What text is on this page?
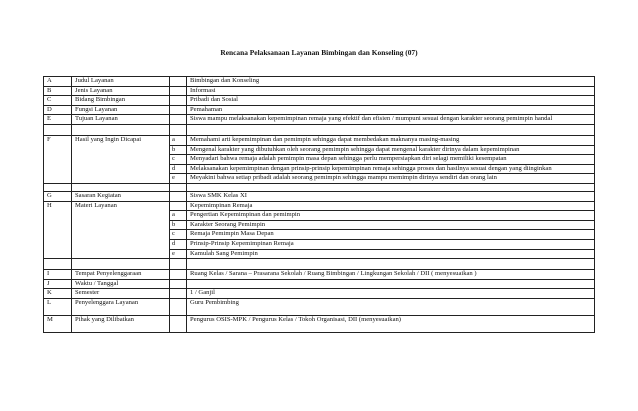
Rencana Pelaksanaan Layanan Bimbingan dan Konseling (07)
A	Judul Layanan		Bimbingan dan Konseling
B	Jenis Layanan		Informasi
C	Bidang Bimbingan		Pribadi dan Sosial
D	Fungsi Layanan		Pemahaman
E	Tujuan Layanan		Siswa mampu melaksanakan kepemimpinan remaja yang efektif dan efisien / mumpuni sesuai dengan karakter seorang pemimpin handal

F	Hasil yang Ingin Dicapai	a	Memahami arti kepemimpinan dan pemimpin sehingga dapat membedakan maknanya masing-masing
		b	Mengenal karakter yang dibutuhkan oleh seorang pemimpin sehingga dapat mengenal karakter dirinya dalam kepemimpinan
		c	Menyadari bahwa remaja adalah pemimpin masa depan sehingga perlu mempersiapkan diri selagi memiliki kesempatan
		d	Melaksanakan kepemimpinan dengan prinsip-prinsip kepemimpinan remaja sehingga proses dan hasilnya sesuai dengan yang diinginkan
		e	Meyakini bahwa setiap pribadi adalah seorang pemimpin sehingga mampu memimpin dirinya sendiri dan orang lain

G	Sasaran Kegiatan		Siswa SMK Kelas XI
H	Materi Layanan		Kepemimpinan Remaja
		a	Pengertian Kepemimpinan dan pemimpin
		b	Karakter Seorang Pemimpin
		c	Remaja Pemimpin Masa Depan
		d	Prinsip-Prinsip Kepemimpinan Remaja
		e	Kamulah Sang Pemimpin

I	Tempat Penyelenggaraan		Ruang Kelas / Sarana – Prasarana Sekolah / Ruang Bimbingan / Lingkungan Sekolah / DII ( menyesuaikan )
J	Waktu / Tanggal		
K	Semester		1 / Ganjil
L	Penyelenggara Layanan		Guru Pembimbing
M	Pihak yang Dilibatkan		Pengurus OSIS-MPK / Pengurus Kelas / Tokoh Organisasi, DII (menyesuaikan)
